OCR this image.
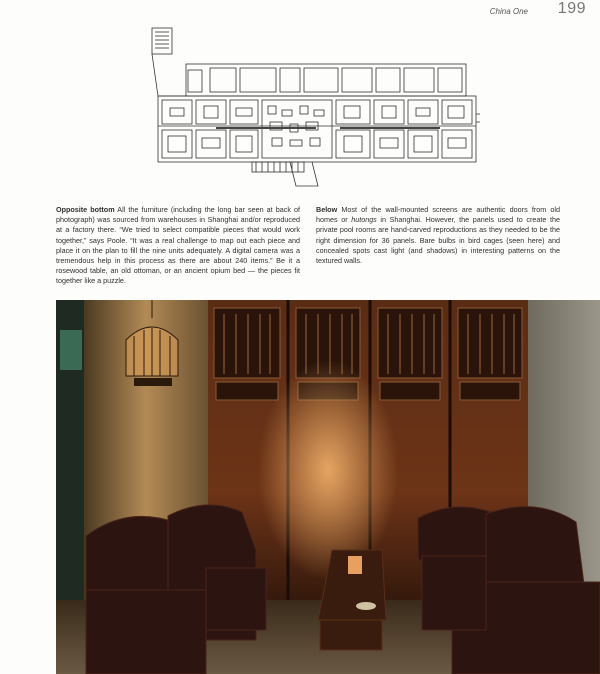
China One 199
Opposite bottom All the furniture (including the long bar seen at back of photograph) was sourced from warehouses in Shanghai and/or reproduced at a factory there. “We tried to select compatible pieces that would work together,” says Poole. “It was a real challenge to map out each piece and place it on the plan to fill the nine units adequately. A digital camera was a tremendous help in this process as there are about 240 items.” Be it a rosewood table, an old ottoman, or an ancient opium bed — the pieces fit together like a puzzle.
Below Most of the wall-mounted screens are authentic doors from old homes or hutongs in Shanghai. However, the panels used to create the private pool rooms are hand-carved reproductions as they needed to be the right dimension for 36 panels. Bare bulbs in bird cages (seen here) and concealed spots cast light (and shadows) in interesting patterns on the textured walls.
